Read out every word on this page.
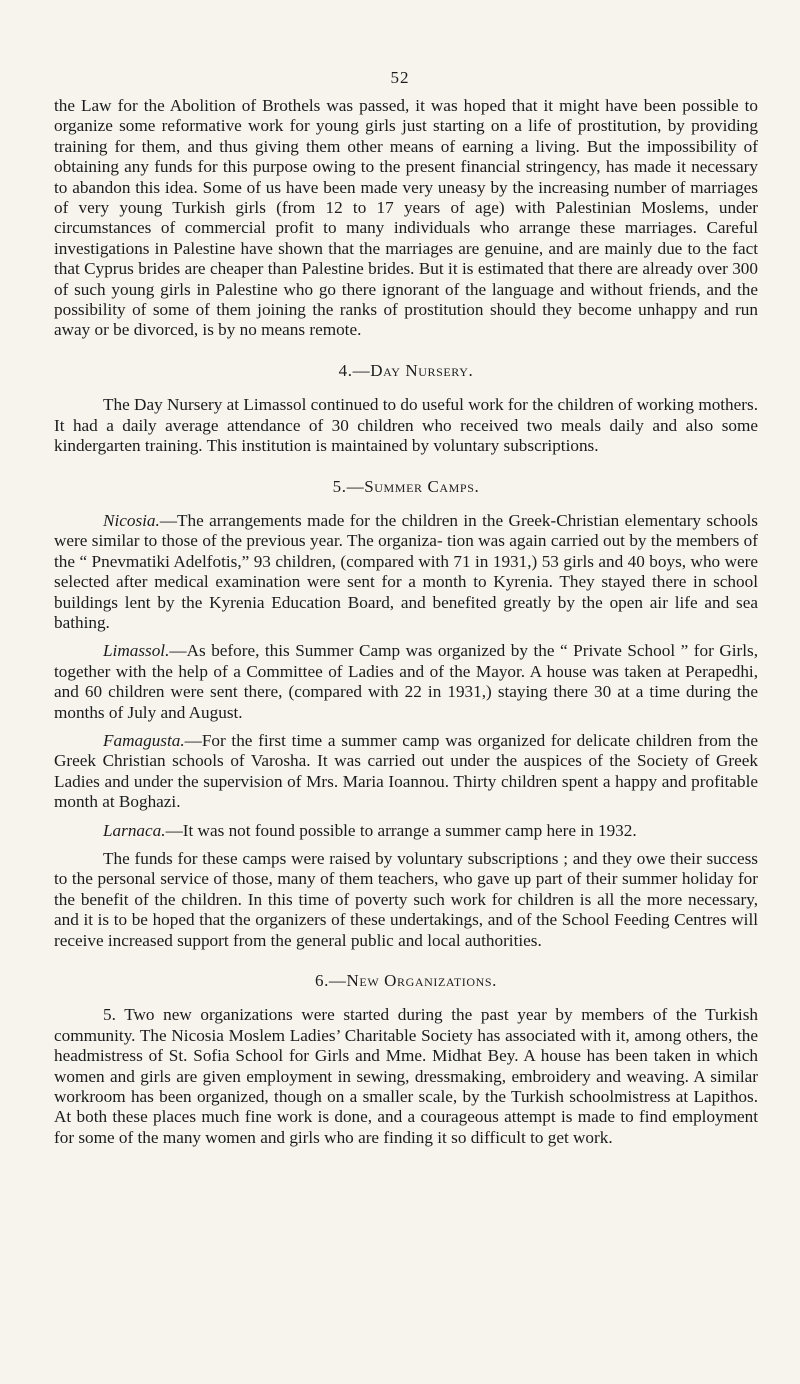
52

the Law for the Abolition of Brothels was passed, it was hoped that it might have been possible to organize some reformative work for young girls just starting on a life of prostitution, by providing training for them, and thus giving them other means of earning a living. But the impossibility of obtaining any funds for this purpose owing to the present financial stringency, has made it necessary to abandon this idea. Some of us have been made very uneasy by the increasing number of marriages of very young Turkish girls (from 12 to 17 years of age) with Palestinian Moslems, under circumstances of commercial profit to many individuals who arrange these marriages. Careful investigations in Palestine have shown that the marriages are genuine, and are mainly due to the fact that Cyprus brides are cheaper than Palestine brides. But it is estimated that there are already over 300 of such young girls in Palestine who go there ignorant of the language and without friends, and the possibility of some of them joining the ranks of prostitution should they become unhappy and run away or be divorced, is by no means remote.

4.—Day Nursery.

The Day Nursery at Limassol continued to do useful work for the children of working mothers. It had a daily average attendance of 30 children who received two meals daily and also some kindergarten training. This institution is maintained by voluntary subscriptions.

5.—Summer Camps.

Nicosia.—The arrangements made for the children in the Greek-Christian elementary schools were similar to those of the previous year. The organiza- tion was again carried out by the members of the “ Pnevmatiki Adelfotis,” 93 children, (compared with 71 in 1931,) 53 girls and 40 boys, who were selected after medical examination were sent for a month to Kyrenia. They stayed there in school buildings lent by the Kyrenia Education Board, and benefited greatly by the open air life and sea bathing.

Limassol.—As before, this Summer Camp was organized by the “ Private School ” for Girls, together with the help of a Committee of Ladies and of the Mayor. A house was taken at Perapedhi, and 60 children were sent there, (compared with 22 in 1931,) staying there 30 at a time during the months of July and August.

Famagusta.—For the first time a summer camp was organized for delicate children from the Greek Christian schools of Varosha. It was carried out under the auspices of the Society of Greek Ladies and under the supervision of Mrs. Maria Ioannou. Thirty children spent a happy and profitable month at Boghazi.

Larnaca.—It was not found possible to arrange a summer camp here in 1932.

The funds for these camps were raised by voluntary subscriptions ; and they owe their success to the personal service of those, many of them teachers, who gave up part of their summer holiday for the benefit of the children. In this time of poverty such work for children is all the more necessary, and it is to be hoped that the organizers of these undertakings, and of the School Feeding Centres will receive increased support from the general public and local authorities.

6.—New Organizations.

5. Two new organizations were started during the past year by members of the Turkish community. The Nicosia Moslem Ladies’ Charitable Society has associated with it, among others, the headmistress of St. Sofia School for Girls and Mme. Midhat Bey. A house has been taken in which women and girls are given employment in sewing, dressmaking, embroidery and weaving. A similar workroom has been organized, though on a smaller scale, by the Turkish schoolmistress at Lapithos. At both these places much fine work is done, and a courageous attempt is made to find employment for some of the many women and girls who are finding it so difficult to get work.
